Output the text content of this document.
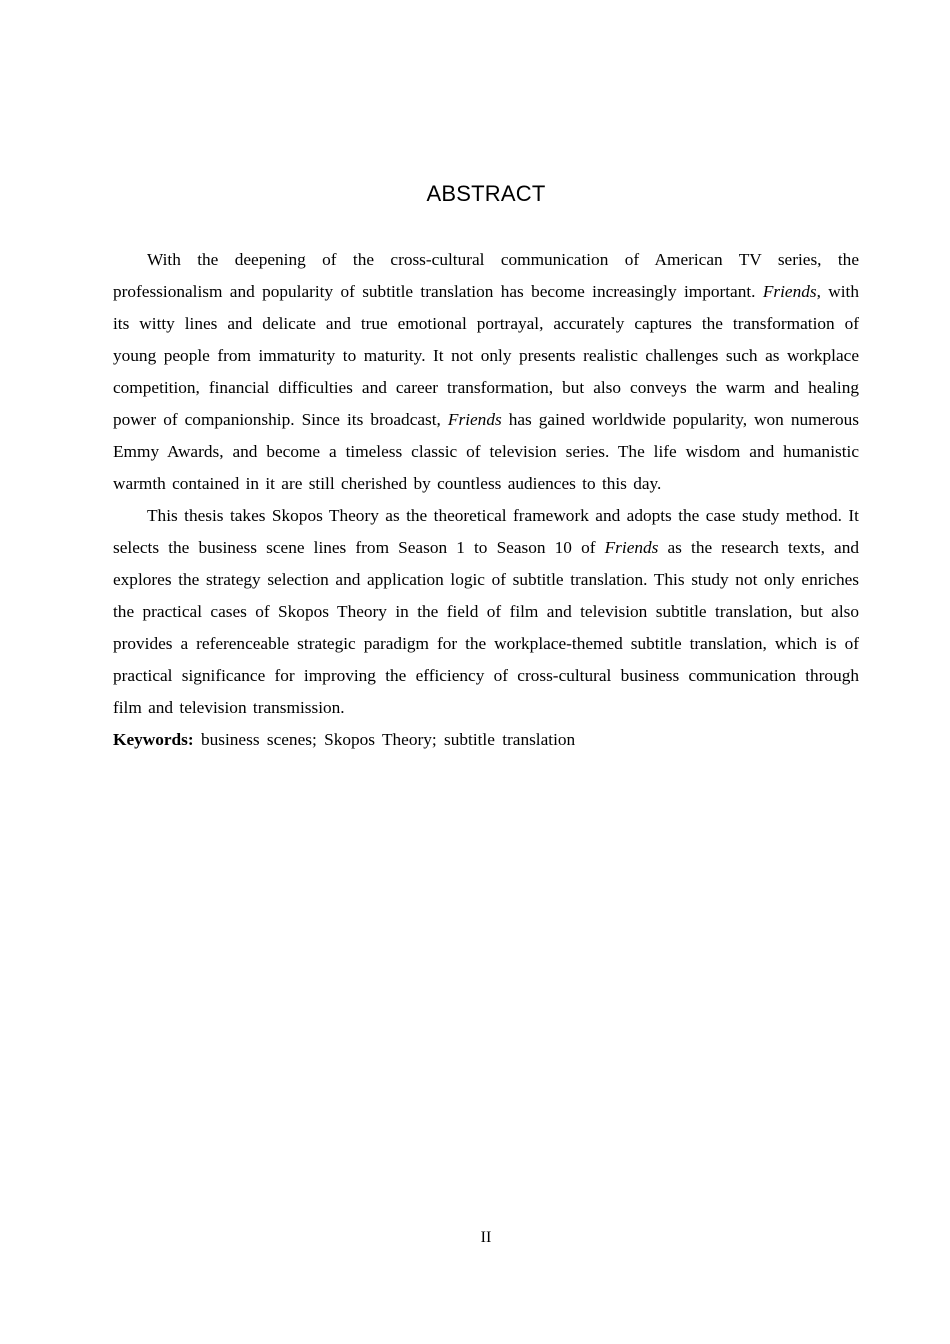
ABSTRACT

With the deepening of the cross-cultural communication of American TV series, the professionalism and popularity of subtitle translation has become increasingly important. Friends, with its witty lines and delicate and true emotional portrayal, accurately captures the transformation of young people from immaturity to maturity. It not only presents realistic challenges such as workplace competition, financial difficulties and career transformation, but also conveys the warm and healing power of companionship. Since its broadcast, Friends has gained worldwide popularity, won numerous Emmy Awards, and become a timeless classic of television series. The life wisdom and humanistic warmth contained in it are still cherished by countless audiences to this day.

This thesis takes Skopos Theory as the theoretical framework and adopts the case study method. It selects the business scene lines from Season 1 to Season 10 of Friends as the research texts, and explores the strategy selection and application logic of subtitle translation. This study not only enriches the practical cases of Skopos Theory in the field of film and television subtitle translation, but also provides a referenceable strategic paradigm for the workplace-themed subtitle translation, which is of practical significance for improving the efficiency of cross-cultural business communication through film and television transmission.

Keywords: business scenes; Skopos Theory; subtitle translation

II
